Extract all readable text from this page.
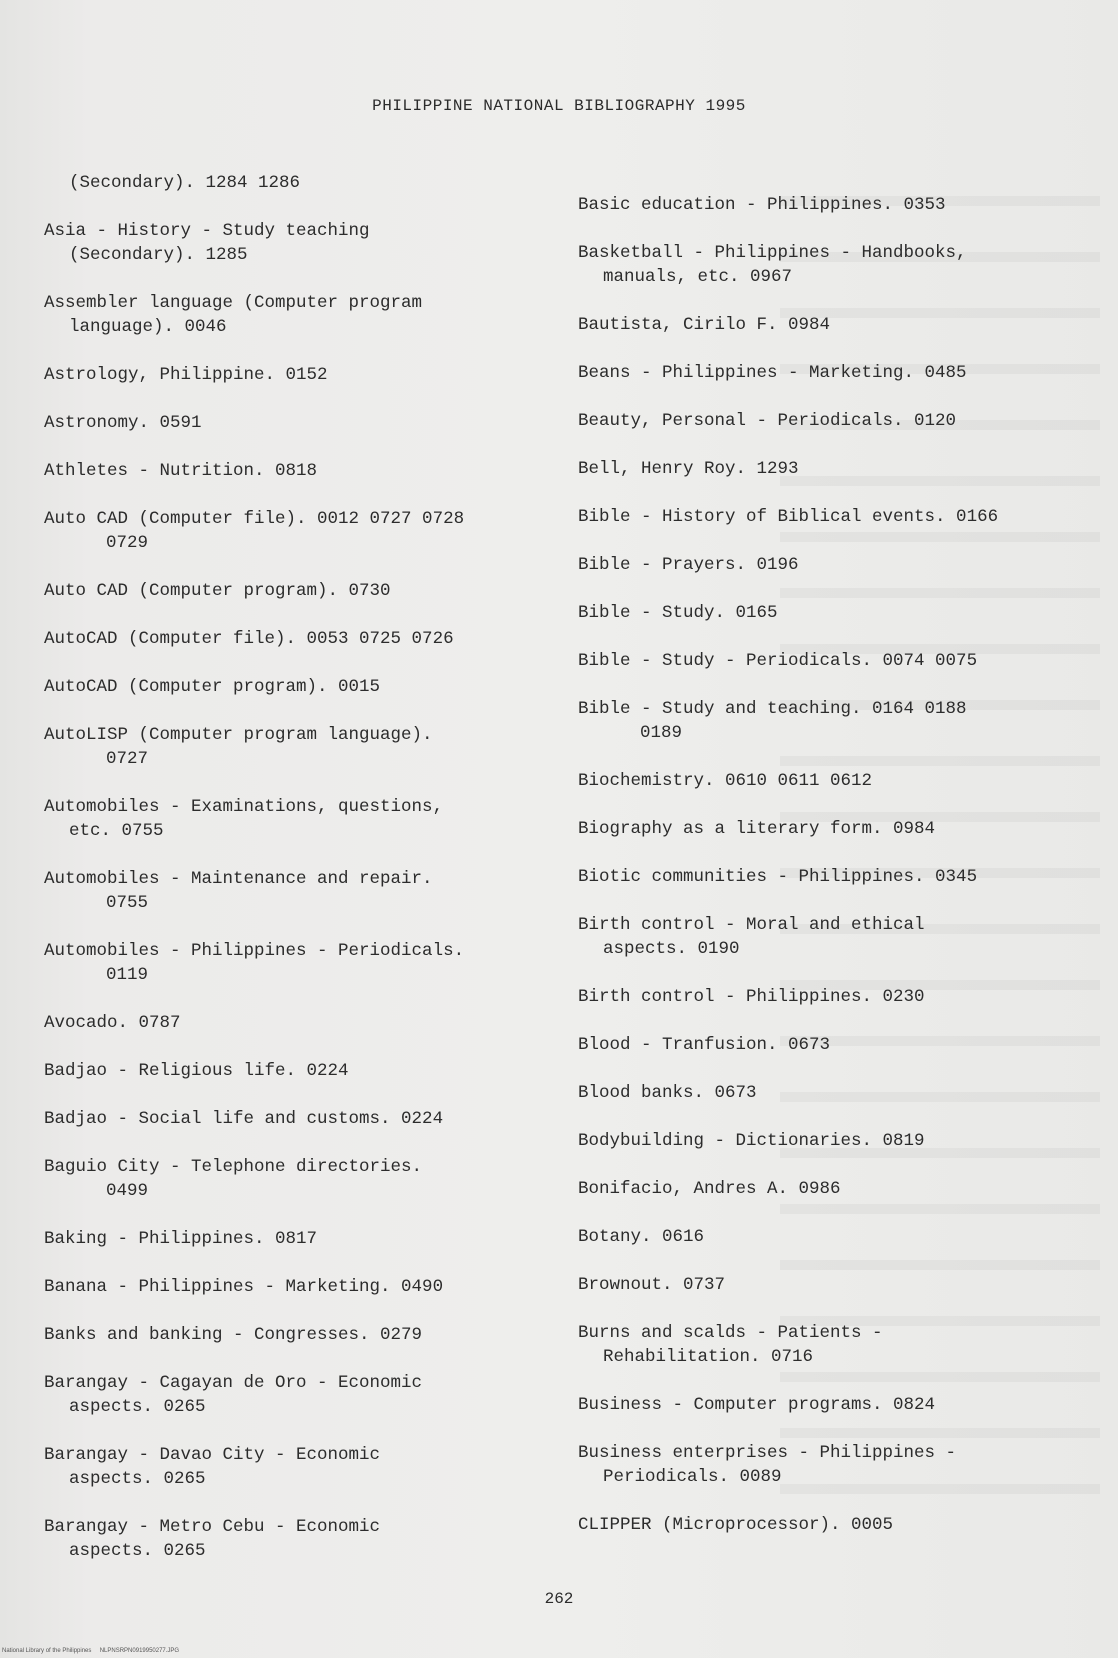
PHILIPPINE NATIONAL BIBLIOGRAPHY 1995
(Secondary). 1284 1286
Asia - History - Study teaching
(Secondary). 1285
Assembler language (Computer program
language). 0046
Astrology, Philippine. 0152
Astronomy. 0591
Athletes - Nutrition. 0818
Auto CAD (Computer file). 0012 0727 0728
0729
Auto CAD (Computer program). 0730
AutoCAD (Computer file). 0053 0725 0726
AutoCAD (Computer program). 0015
AutoLISP (Computer program language).
0727
Automobiles - Examinations, questions,
etc. 0755
Automobiles - Maintenance and repair.
0755
Automobiles - Philippines - Periodicals.
0119
Avocado. 0787
Badjao - Religious life. 0224
Badjao - Social life and customs. 0224
Baguio City - Telephone directories.
0499
Baking - Philippines. 0817
Banana - Philippines - Marketing. 0490
Banks and banking - Congresses. 0279
Barangay - Cagayan de Oro - Economic
aspects. 0265
Barangay - Davao City - Economic
aspects. 0265
Barangay - Metro Cebu - Economic
aspects. 0265
Basic education - Philippines. 0353
Basketball - Philippines - Handbooks,
manuals, etc. 0967
Bautista, Cirilo F. 0984
Beans - Philippines - Marketing. 0485
Beauty, Personal - Periodicals. 0120
Bell, Henry Roy. 1293
Bible - History of Biblical events. 0166
Bible - Prayers. 0196
Bible - Study. 0165
Bible - Study - Periodicals. 0074 0075
Bible - Study and teaching. 0164 0188
0189
Biochemistry. 0610 0611 0612
Biography as a literary form. 0984
Biotic communities - Philippines. 0345
Birth control - Moral and ethical
aspects. 0190
Birth control - Philippines. 0230
Blood - Tranfusion. 0673
Blood banks. 0673
Bodybuilding - Dictionaries. 0819
Bonifacio, Andres A. 0986
Botany. 0616
Brownout. 0737
Burns and scalds - Patients -
Rehabilitation. 0716
Business - Computer programs. 0824
Business enterprises - Philippines -
Periodicals. 0089
CLIPPER (Microprocessor). 0005
262
National Library of the Philippines     NLPNSRPN0919950277.JPG
